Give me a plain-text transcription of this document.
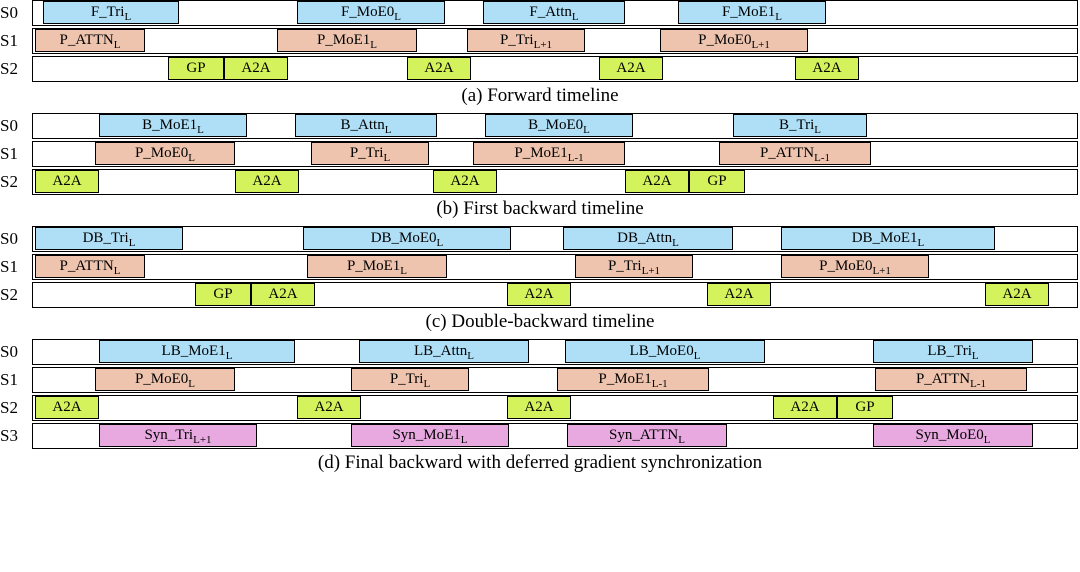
S0	F_Tri$_L$	$F\_MoE0_L$	F_Attn$_L$	$F\_MoE1_L$
S1	$P\_ATTN_L$	$P\_MoE1_L$	P_Tri$_{L+1}$	$P\_MoE0_{L+1}$
S2	GP	A2A	A2A	A2A	A2A
(a) Forward timeline
S0	$B\_MoE1_L$	B_Attn$_L$	$B\_MoE0_L$	B_Tri$_L$
S1	$P\_MoE0_L$	P_Tri$_L$	$P\_MoE1_{L-1}$	$P\_ATTN_{L-1}$
S2	A2A	A2A	A2A	A2A	GP
(b) First backward timeline
S0	DB_Tri$_L$	$DB\_MoE0_L$	DB_Attn$_L$	$DB\_MoE1_L$
S1	$P\_ATTN_L$	$P\_MoE1_L$	P_Tri$_{L+1}$	$P\_MoE0_{L+1}$
S2	GP	A2A	A2A	A2A	A2A
(c) Double-backward timeline
S0	$LB\_MoE1_L$	LB_Attn$_L$	$LB\_MoE0_L$	LB_Tri$_L$
S1	$P\_MoE0_L$	P_Tri$_L$	$P\_MoE1_{L-1}$	$P\_ATTN_{L-1}$
S2	A2A	A2A	A2A	A2A	GP
S3	Syn_Tri$_{L+1}$	$Syn\_MoE1_L$	$Syn\_ATTN_L$	$Syn\_MoE0_L$
(d) Final backward with deferred gradient synchronization
